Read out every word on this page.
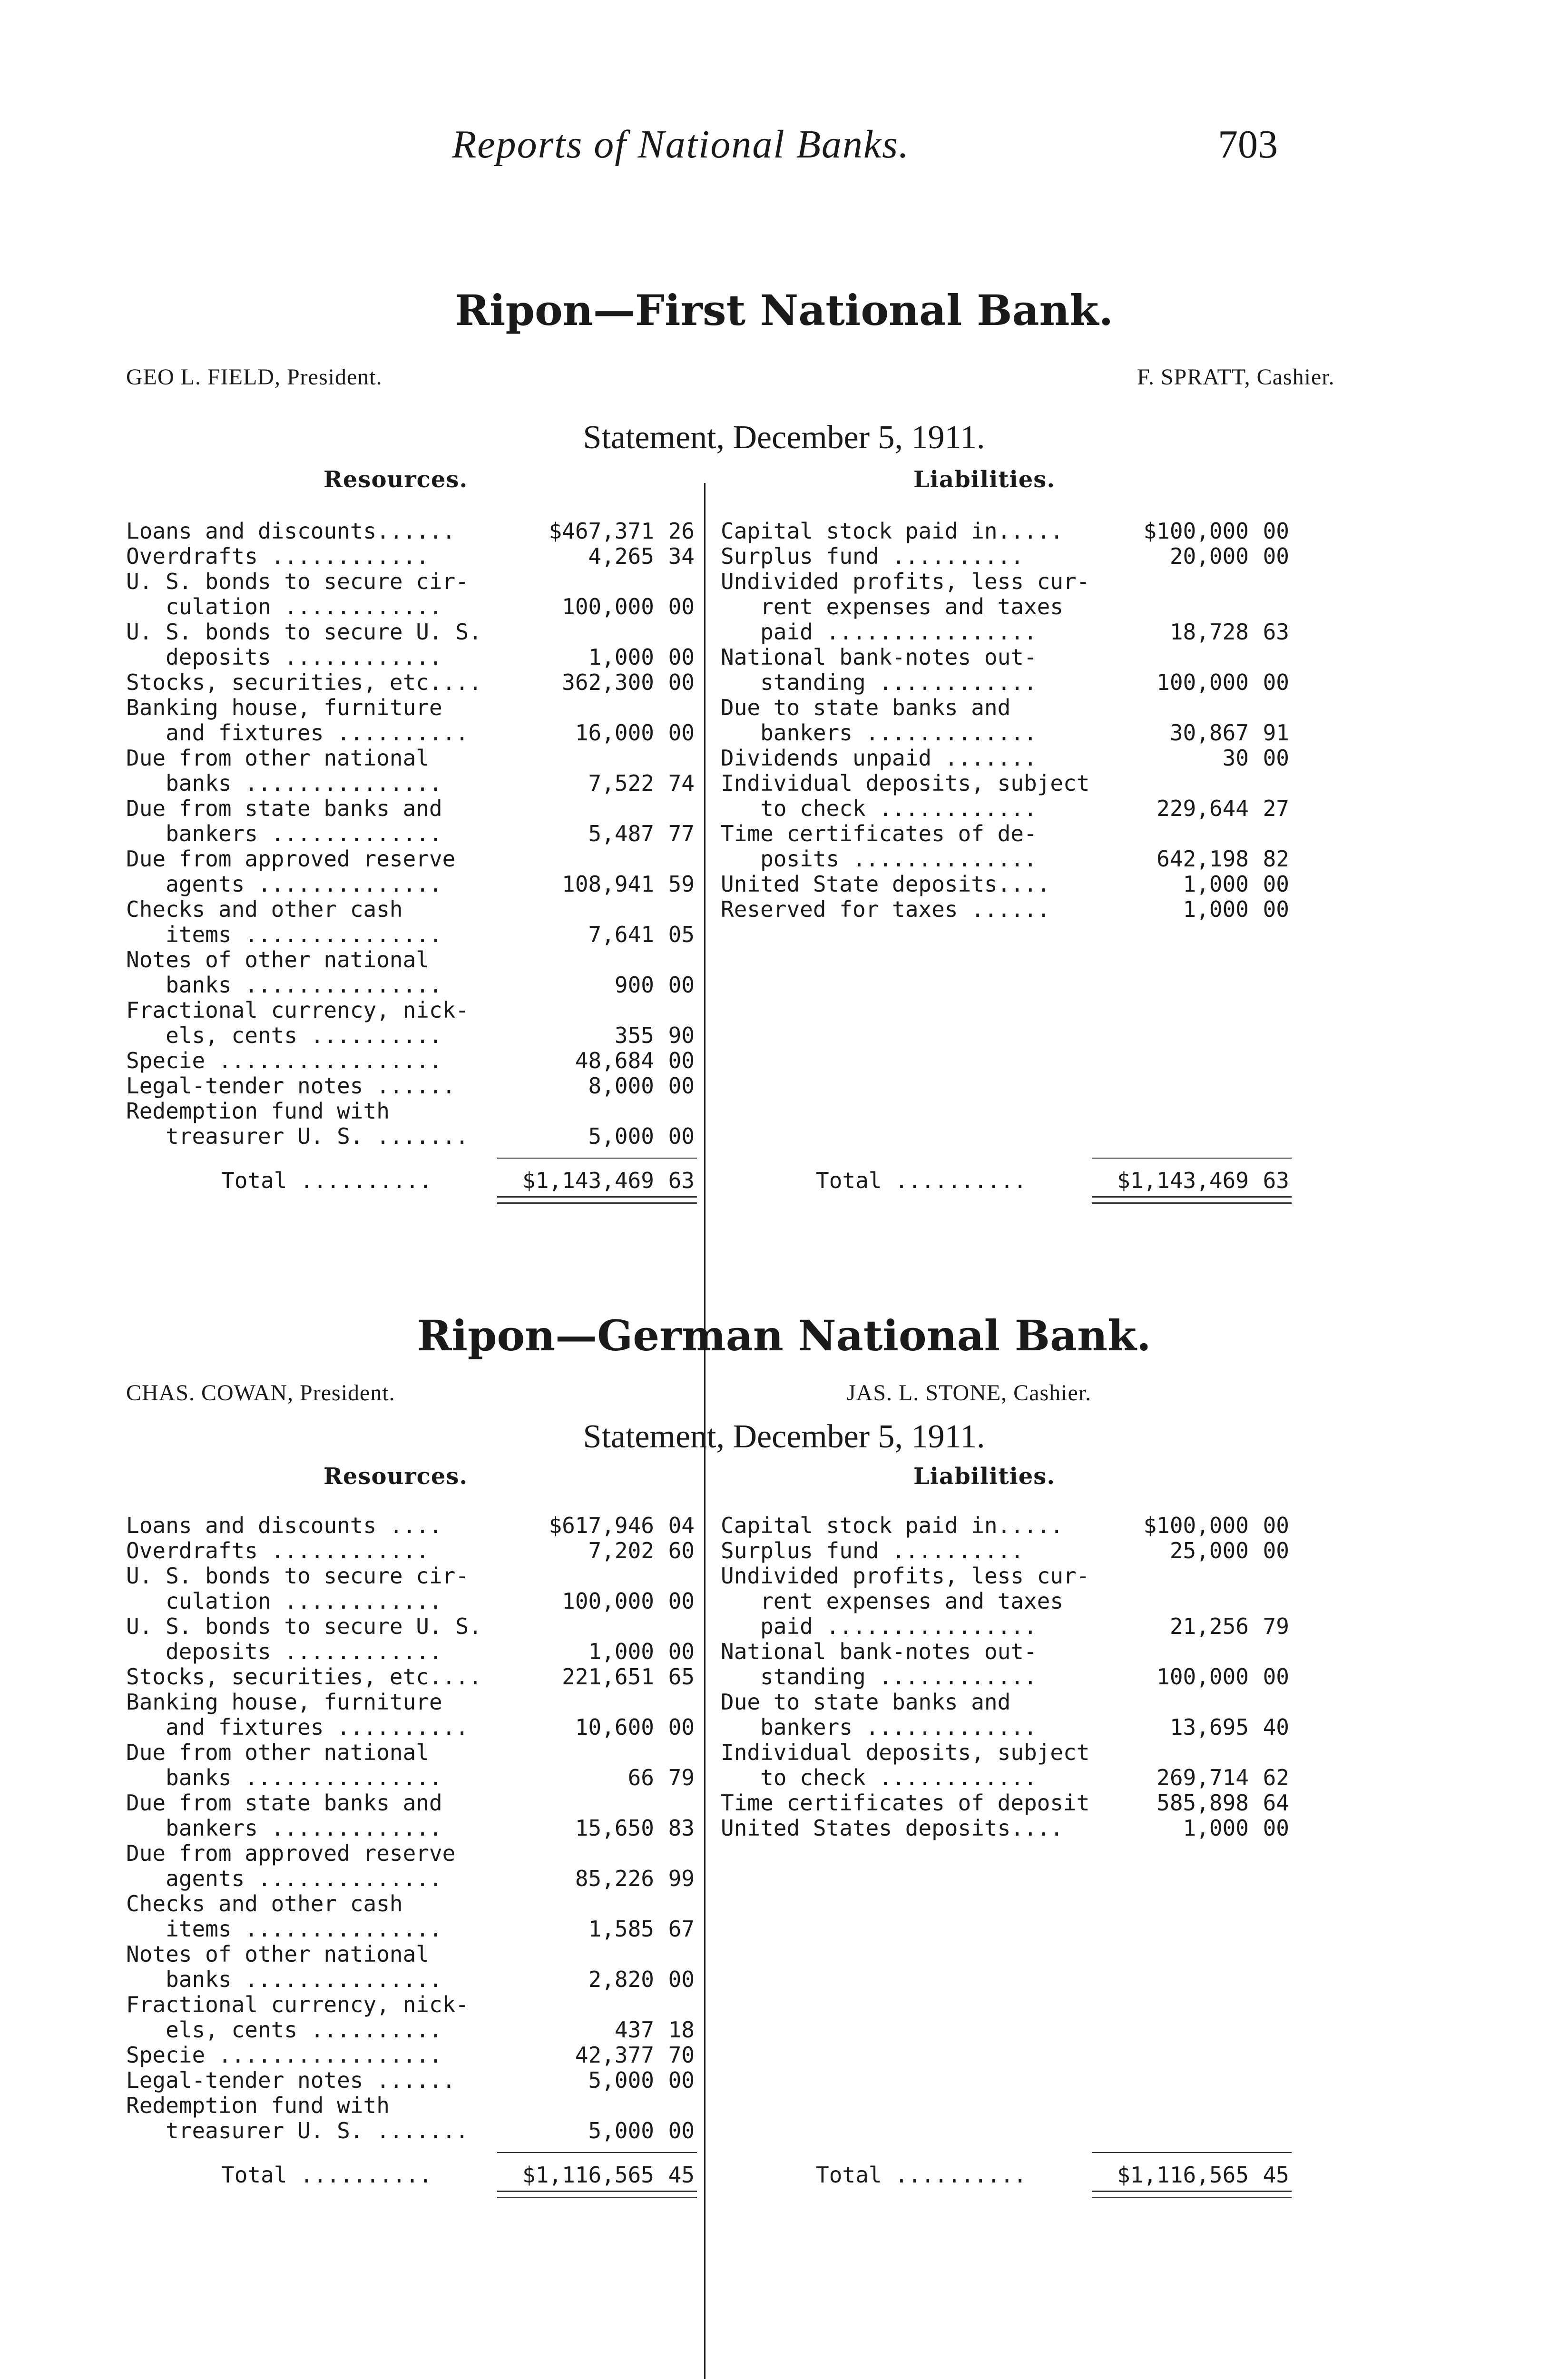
Reports of National Banks.	703
Ripon—First National Bank.
GEO L. FIELD, President.	F. SPRATT, Cashier.
Statement, December 5, 1911.
Resources.	Liabilities.
Loans and discounts......	$467,371 26
Overdrafts ............	4,265 34
U. S. bonds to secure cir-
culation ............	100,000 00
U. S. bonds to secure U. S.
deposits ............	1,000 00
Stocks, securities, etc....	362,300 00
Banking house, furniture
and fixtures ..........	16,000 00
Due from other national
banks ...............	7,522 74
Due from state banks and
bankers .............	5,487 77
Due from approved reserve
agents ..............	108,941 59
Checks and other cash
items ...............	7,641 05
Notes of other national
banks ...............	900 00
Fractional currency, nick-
els, cents ..........	355 90
Specie .................	48,684 00
Legal-tender notes ......	8,000 00
Redemption fund with
treasurer U. S. .......	5,000 00
Total ..........	$1,143,469 63
Capital stock paid in.....	$100,000 00
Surplus fund ..........	20,000 00
Undivided profits, less cur-
rent expenses and taxes
paid ................	18,728 63
National bank-notes out-
standing ............	100,000 00
Due to state banks and
bankers .............	30,867 91
Dividends unpaid .......	30 00
Individual deposits, subject
to check ............	229,644 27
Time certificates of de-
posits ..............	642,198 82
United State deposits....	1,000 00
Reserved for taxes ......	1,000 00
Total ..........	$1,143,469 63
Ripon—German National Bank.
CHAS. COWAN, President.	JAS. L. STONE, Cashier.
Statement, December 5, 1911.
Resources.	Liabilities.
Loans and discounts ....	$617,946 04
Overdrafts ............	7,202 60
U. S. bonds to secure cir-
culation ............	100,000 00
U. S. bonds to secure U. S.
deposits ............	1,000 00
Stocks, securities, etc....	221,651 65
Banking house, furniture
and fixtures ..........	10,600 00
Due from other national
banks ...............	66 79
Due from state banks and
bankers .............	15,650 83
Due from approved reserve
agents ..............	85,226 99
Checks and other cash
items ...............	1,585 67
Notes of other national
banks ...............	2,820 00
Fractional currency, nick-
els, cents ..........	437 18
Specie .................	42,377 70
Legal-tender notes ......	5,000 00
Redemption fund with
treasurer U. S. .......	5,000 00
Total ..........	$1,116,565 45
Capital stock paid in.....	$100,000 00
Surplus fund ..........	25,000 00
Undivided profits, less cur-
rent expenses and taxes
paid ................	21,256 79
National bank-notes out-
standing ............	100,000 00
Due to state banks and
bankers .............	13,695 40
Individual deposits, subject
to check ............	269,714 62
Time certificates of deposit	585,898 64
United States deposits....	1,000 00
Total ..........	$1,116,565 45
